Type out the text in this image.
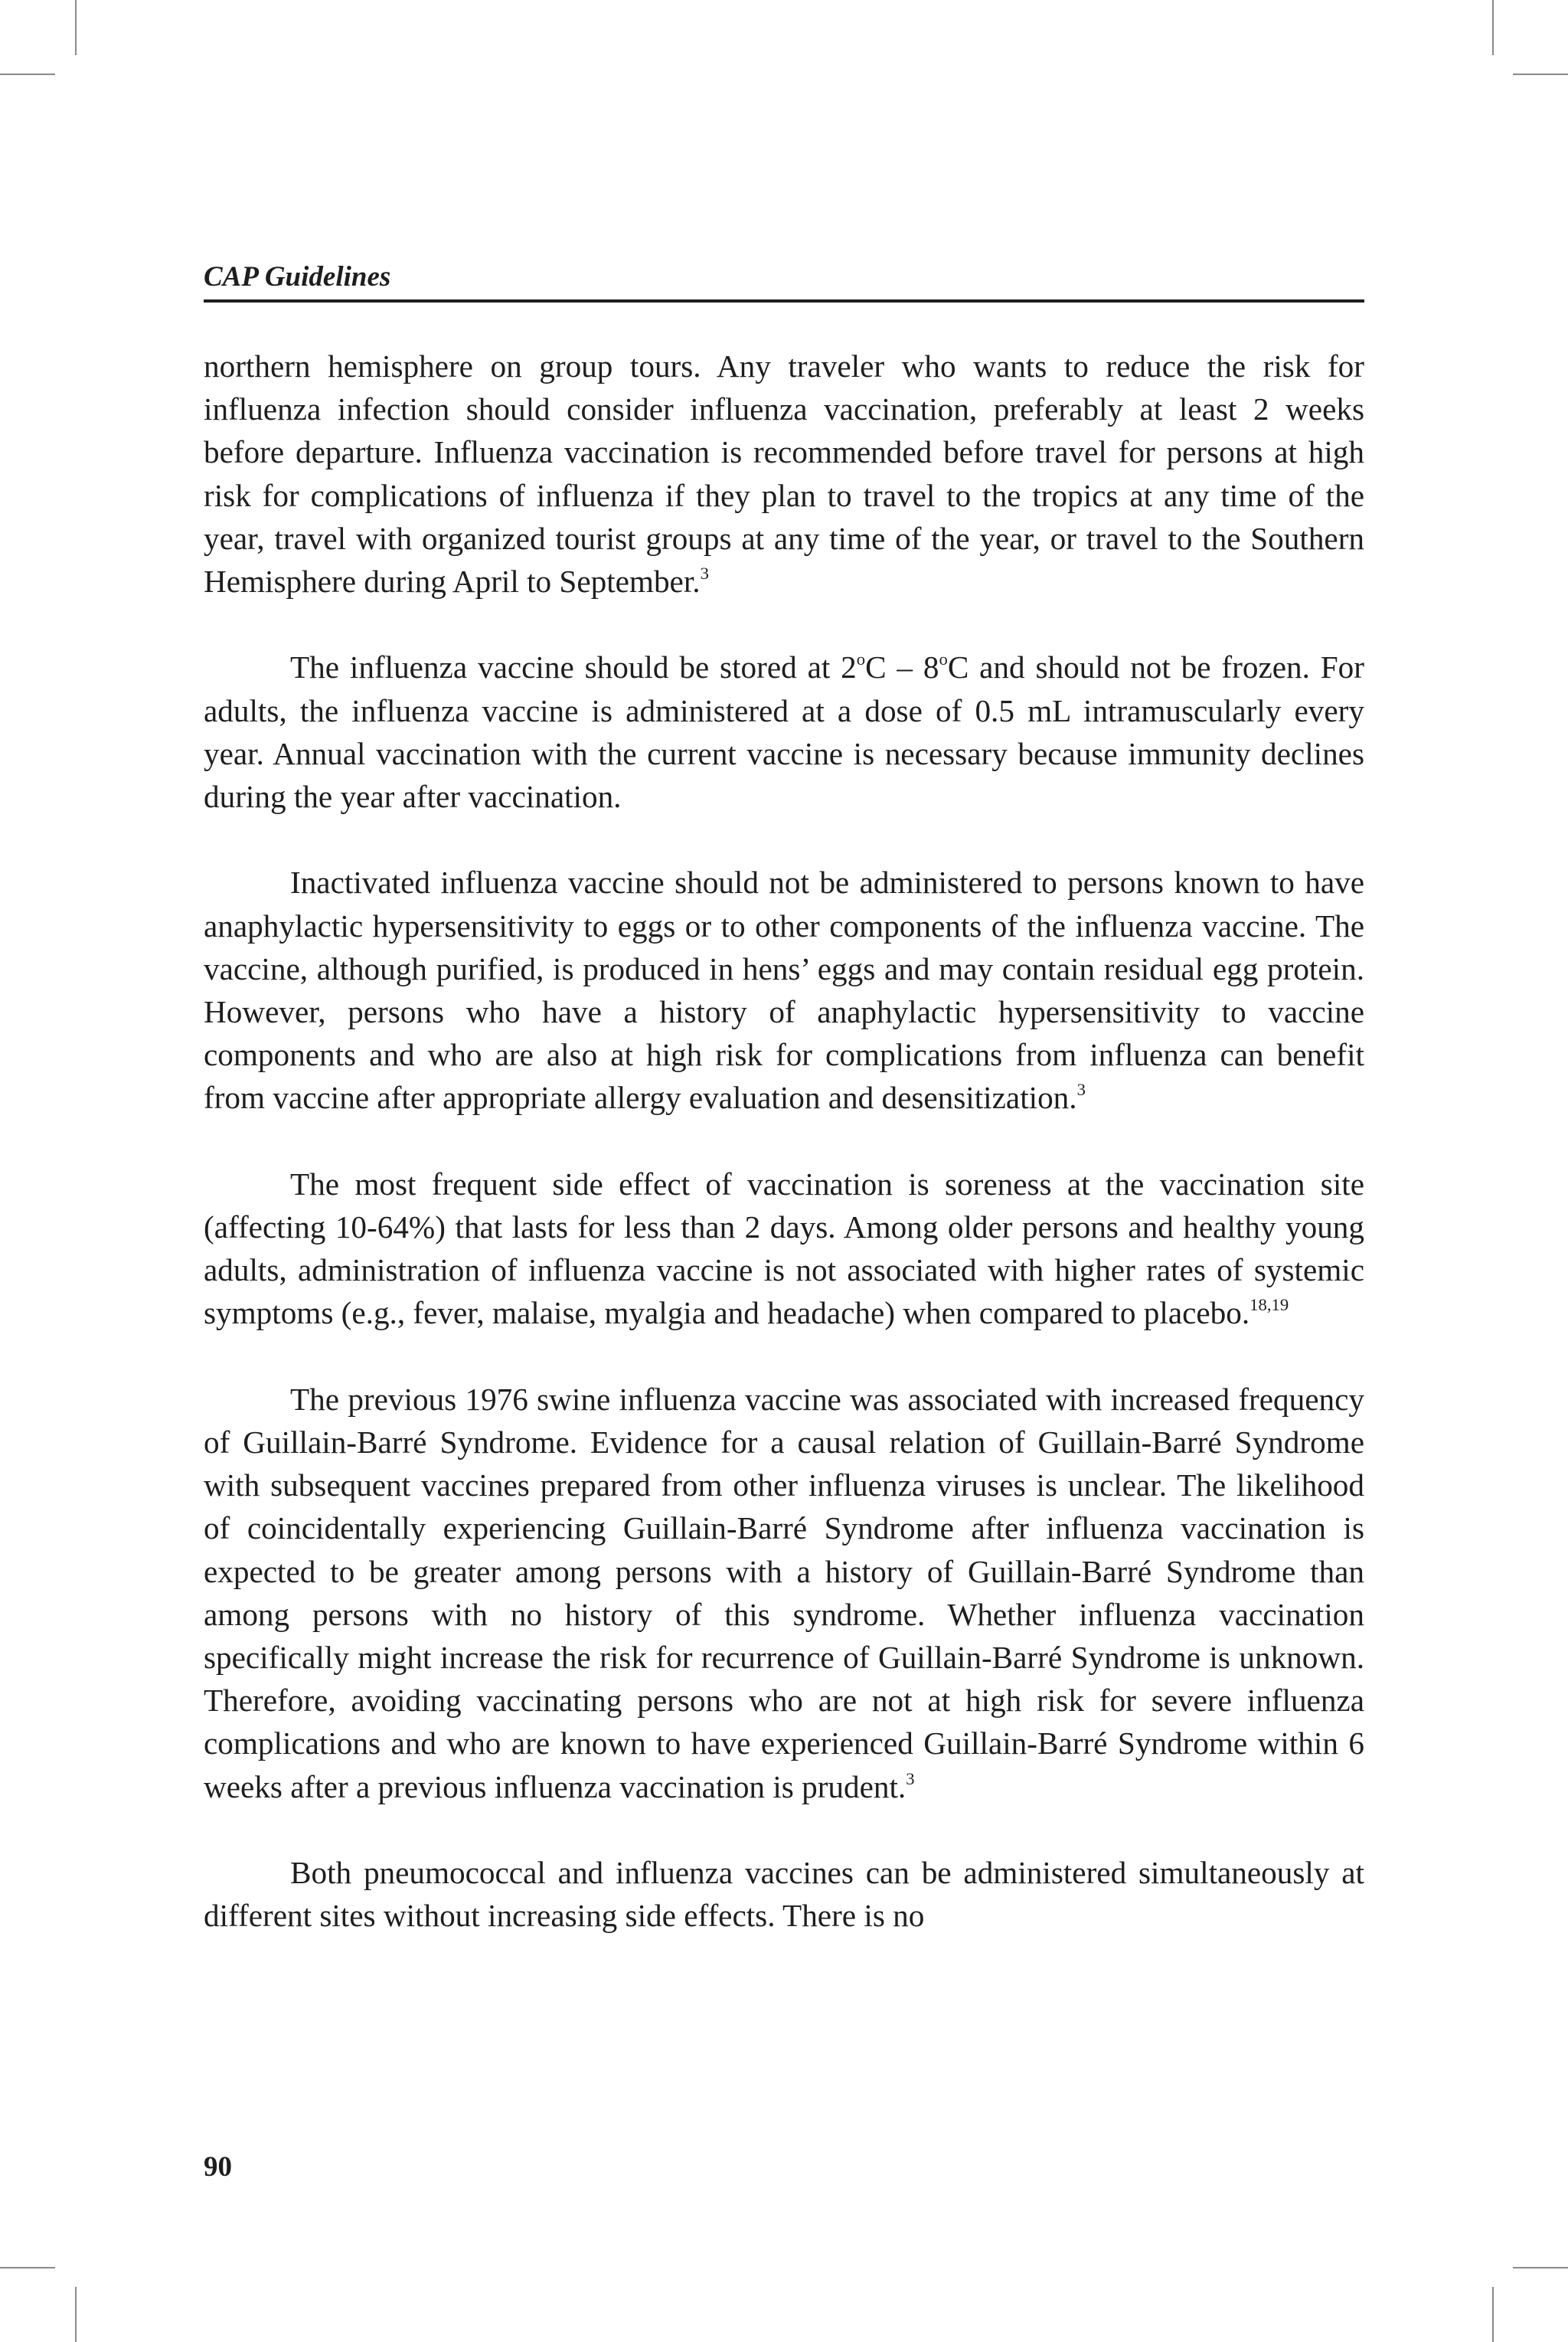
CAP Guidelines

northern hemisphere on group tours. Any traveler who wants to reduce the risk for influenza infection should consider influenza vaccination, preferably at least 2 weeks before departure. Influenza vaccination is recommended before travel for persons at high risk for complications of influenza if they plan to travel to the tropics at any time of the year, travel with organized tourist groups at any time of the year, or travel to the Southern Hemisphere during April to September.$^3$

The influenza vaccine should be stored at 2$^o$C – 8$^o$C and should not be frozen. For adults, the influenza vaccine is administered at a dose of 0.5 mL intramuscularly every year. Annual vaccination with the current vaccine is necessary because immunity declines during the year after vaccination.

Inactivated influenza vaccine should not be administered to persons known to have anaphylactic hypersensitivity to eggs or to other components of the influenza vaccine. The vaccine, although purified, is produced in hens’ eggs and may contain residual egg protein. However, persons who have a history of anaphylactic hypersensitivity to vaccine components and who are also at high risk for complications from influenza can benefit from vaccine after appropriate allergy evaluation and desensitization.$^3$

The most frequent side effect of vaccination is soreness at the vaccination site (affecting 10-64%) that lasts for less than 2 days. Among older persons and healthy young adults, administration of influenza vaccine is not associated with higher rates of systemic symptoms (e.g., fever, malaise, myalgia and headache) when compared to placebo.$^{18,19}$

The previous 1976 swine influenza vaccine was associated with increased frequency of Guillain-Barré Syndrome. Evidence for a causal relation of Guillain-Barré Syndrome with subsequent vaccines prepared from other influenza viruses is unclear. The likelihood of coincidentally experiencing Guillain-Barré Syndrome after influenza vaccination is expected to be greater among persons with a history of Guillain-Barré Syndrome than among persons with no history of this syndrome. Whether influenza vaccination specifically might increase the risk for recurrence of Guillain-Barré Syndrome is unknown. Therefore, avoiding vaccinating persons who are not at high risk for severe influenza complications and who are known to have experienced Guillain-Barré Syndrome within 6 weeks after a previous influenza vaccination is prudent.$^3$

Both pneumococcal and influenza vaccines can be administered simultaneously at different sites without increasing side effects. There is no

90
